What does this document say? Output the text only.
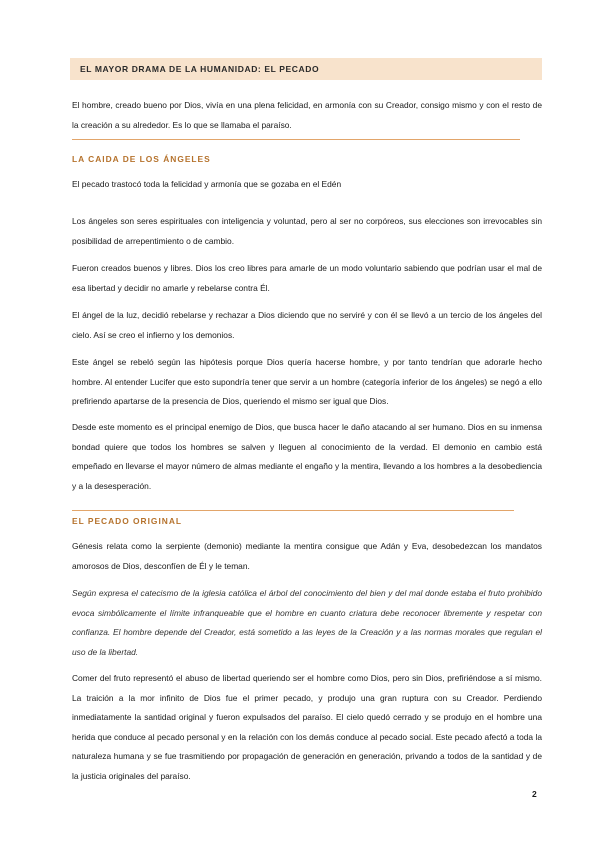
EL MAYOR DRAMA DE LA HUMANIDAD: EL PECADO

El hombre, creado bueno por Dios, vivía en una plena felicidad, en armonía con su Creador, consigo mismo y con el resto de la creación a su alrededor. Es lo que se llamaba el paraíso.

LA CAIDA DE LOS ÁNGELES

El pecado trastocó toda la felicidad y armonía que se gozaba en el Edén

Los ángeles son seres espirituales con inteligencia y voluntad, pero al ser no corpóreos, sus elecciones son irrevocables sin posibilidad de arrepentimiento o de cambio.

Fueron creados buenos y libres. Dios los creo libres para amarle de un modo voluntario sabiendo que podrían usar el mal de esa libertad y decidir no amarle y rebelarse contra Él.

El ángel de la luz, decidió rebelarse y rechazar a Dios diciendo que no serviré y con él se llevó a un tercio de los ángeles del cielo. Así se creo el infierno y los demonios.

Este ángel se rebeló según las hipótesis porque Dios quería hacerse hombre, y por tanto tendrían que adorarle hecho hombre. Al entender Lucifer que esto supondría tener que servir a un hombre (categoría inferior de los ángeles) se negó a ello prefiriendo apartarse de la presencia de Dios, queriendo el mismo ser igual que Dios.

Desde este momento es el principal enemigo de Dios, que busca hacer le daño atacando al ser humano. Dios en su inmensa bondad quiere que todos los hombres se salven y lleguen al conocimiento de la verdad. El demonio en cambio está empeñado en llevarse el mayor número de almas mediante el engaño y la mentira, llevando a los hombres a la desobediencia y a la desesperación.

EL PECADO ORIGINAL

Génesis relata como la serpiente (demonio) mediante la mentira consigue que Adán y Eva, desobedezcan los mandatos amorosos de Dios, desconfíen de Él y le teman.

Según expresa el catecismo de la iglesia católica el árbol del conocimiento del bien y del mal donde estaba el fruto prohibido evoca simbólicamente el límite infranqueable que el hombre en cuanto criatura debe reconocer libremente y respetar con confianza. El hombre depende del Creador, está sometido a las leyes de la Creación y a las normas morales que regulan el uso de la libertad.

Comer del fruto representó el abuso de libertad queriendo ser el hombre como Dios, pero sin Dios, prefiriéndose a sí mismo. La traición a la mor infinito de Dios fue el primer pecado, y produjo una gran ruptura con su Creador. Perdiendo inmediatamente la santidad original y fueron expulsados del paraíso. El cielo quedó cerrado y se produjo en el hombre una herida que conduce al pecado personal y en la relación con los demás conduce al pecado social. Este pecado afectó a toda la naturaleza humana y se fue trasmitiendo por propagación de generación en generación, privando a todos de la santidad y de la justicia originales del paraíso.

2
